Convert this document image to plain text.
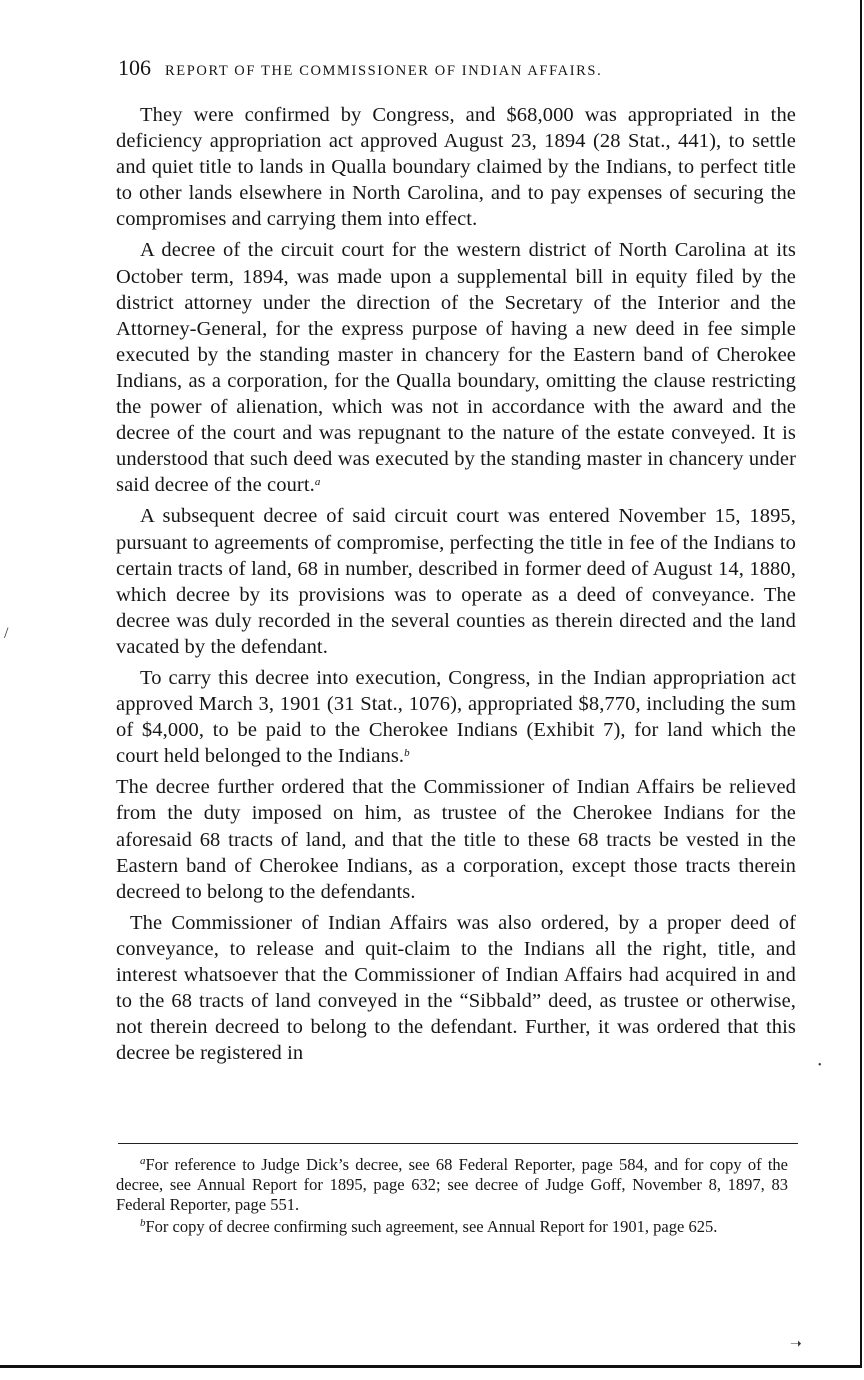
106 REPORT OF THE COMMISSIONER OF INDIAN AFFAIRS.

They were confirmed by Congress, and $68,000 was appropriated in the deficiency appropriation act approved August 23, 1894 (28 Stat., 441), to settle and quiet title to lands in Qualla boundary claimed by the Indians, to perfect title to other lands elsewhere in North Carolina, and to pay expenses of securing the compromises and carrying them into effect.

A decree of the circuit court for the western district of North Carolina at its October term, 1894, was made upon a supplemental bill in equity filed by the district attorney under the direction of the Secretary of the Interior and the Attorney-General, for the express purpose of having a new deed in fee simple executed by the standing master in chancery for the Eastern band of Cherokee Indians, as a corporation, for the Qualla boundary, omitting the clause restricting the power of alienation, which was not in accordance with the award and the decree of the court and was repugnant to the nature of the estate conveyed. It is understood that such deed was executed by the standing master in chancery under said decree of the court.$^a$

A subsequent decree of said circuit court was entered November 15, 1895, pursuant to agreements of compromise, perfecting the title in fee of the Indians to certain tracts of land, 68 in number, described in former deed of August 14, 1880, which decree by its provisions was to operate as a deed of conveyance. The decree was duly recorded in the several counties as therein directed and the land vacated by the defendant.

To carry this decree into execution, Congress, in the Indian appropriation act approved March 3, 1901 (31 Stat., 1076), appropriated $8,770, including the sum of $4,000, to be paid to the Cherokee Indians (Exhibit 7), for land which the court held belonged to the Indians.$^b$

The decree further ordered that the Commissioner of Indian Affairs be relieved from the duty imposed on him, as trustee of the Cherokee Indians for the aforesaid 68 tracts of land, and that the title to these 68 tracts be vested in the Eastern band of Cherokee Indians, as a corporation, except those tracts therein decreed to belong to the defendants.

The Commissioner of Indian Affairs was also ordered, by a proper deed of conveyance, to release and quit-claim to the Indians all the right, title, and interest whatsoever that the Commissioner of Indian Affairs had acquired in and to the 68 tracts of land conveyed in the “Sibbald” deed, as trustee or otherwise, not therein decreed to belong to the defendant. Further, it was ordered that this decree be registered in

$^a$For reference to Judge Dick’s decree, see 68 Federal Reporter, page 584, and for copy of the decree, see Annual Report for 1895, page 632; see decree of Judge Goff, November 8, 1897, 83 Federal Reporter, page 551.

$^b$For copy of decree confirming such agreement, see Annual Report for 1901, page 625.

/
•
➝
